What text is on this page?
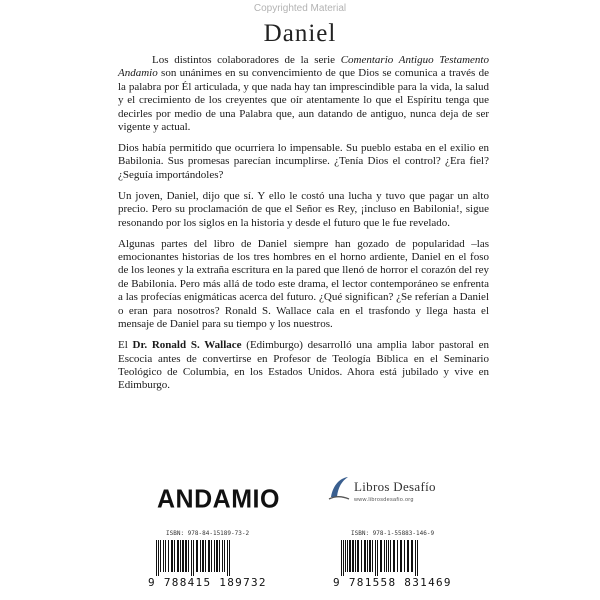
Copyrighted Material
Daniel

Los distintos colaboradores de la serie Comentario Antiguo Testamento Andamio son unánimes en su convencimiento de que Dios se comunica a través de la palabra por Él articulada, y que nada hay tan imprescindible para la vida, la salud y el crecimiento de los creyentes que oír atentamente lo que el Espíritu tenga que decirles por medio de una Palabra que, aun datando de antiguo, nunca deja de ser vigente y actual.

Dios había permitido que ocurriera lo impensable. Su pueblo estaba en el exilio en Babilonia. Sus promesas parecían incumplirse. ¿Tenía Dios el control? ¿Era fiel? ¿Seguía importándoles?

Un joven, Daniel, dijo que sí. Y ello le costó una lucha y tuvo que pagar un alto precio. Pero su proclamación de que el Señor es Rey, ¡incluso en Babilonia!, sigue resonando por los siglos en la historia y desde el futuro que le fue revelado.

Algunas partes del libro de Daniel siempre han gozado de popularidad –las emocionantes historias de los tres hombres en el horno ardiente, Daniel en el foso de los leones y la extraña escritura en la pared que llenó de horror el corazón del rey de Babilonia. Pero más allá de todo este drama, el lector contemporáneo se enfrenta a las profecías enigmáticas acerca del futuro. ¿Qué significan? ¿Se referían a Daniel o eran para nosotros? Ronald S. Wallace cala en el trasfondo y llega hasta el mensaje de Daniel para su tiempo y los nuestros.

El Dr. Ronald S. Wallace (Edimburgo) desarrolló una amplia labor pastoral en Escocia antes de convertirse en Profesor de Teología Bíblica en el Seminario Teológico de Columbia, en los Estados Unidos. Ahora está jubilado y vive en Edimburgo.

ANDAMIO	Libros Desafío
www.librosdesafio.org
ISBN: 978-84-15189-73-2
9 788415 189732
ISBN: 978-1-55883-146-9
9 781558 831469
